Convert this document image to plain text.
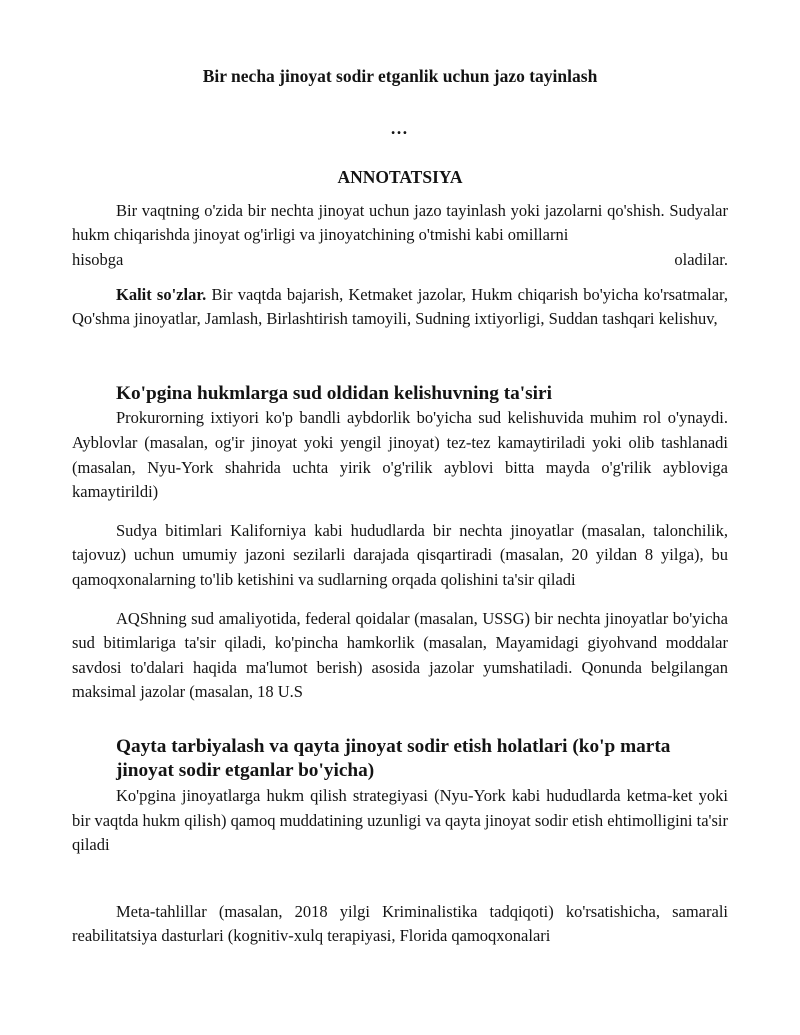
Bir necha jinoyat sodir etganlik uchun jazo tayinlash
…
ANNOTATSIYA

Bir vaqtning o'zida bir nechta jinoyat uchun jazo tayinlash yoki jazolarni qo'shish. Sudyalar hukm chiqarishda jinoyat og'irligi va jinoyatchining o'tmishi kabi omillarni

hisobga	oladilar.

Kalit so'zlar. Bir vaqtda bajarish, Ketmaket jazolar, Hukm chiqarish bo'yicha ko'rsatmalar, Qo'shma jinoyatlar, Jamlash, Birlashtirish tamoyili, Sudning ixtiyorligi, Suddan tashqari kelishuv,

Ko'pgina hukmlarga sud oldidan kelishuvning ta'siri

Prokurorning ixtiyori ko'p bandli aybdorlik bo'yicha sud kelishuvida muhim rol o'ynaydi. Ayblovlar (masalan, og'ir jinoyat yoki yengil jinoyat) tez-tez kamaytiriladi yoki olib tashlanadi (masalan, Nyu-York shahrida uchta yirik o'g'rilik ayblovi bitta mayda o'g'rilik aybloviga kamaytirildi)

Sudya bitimlari Kaliforniya kabi hududlarda bir nechta jinoyatlar (masalan, talonchilik, tajovuz) uchun umumiy jazoni sezilarli darajada qisqartiradi (masalan, 20 yildan 8 yilga), bu qamoqxonalarning to'lib ketishini va sudlarning orqada qolishini ta'sir qiladi

AQShning sud amaliyotida, federal qoidalar (masalan, USSG) bir nechta jinoyatlar bo'yicha sud bitimlariga ta'sir qiladi, ko'pincha hamkorlik (masalan, Mayamidagi giyohvand moddalar savdosi to'dalari haqida ma'lumot berish) asosida jazolar yumshatiladi. Qonunda belgilangan maksimal jazolar (masalan, 18 U.S

Qayta tarbiyalash va qayta jinoyat sodir etish holatlari (ko'p marta jinoyat sodir etganlar bo'yicha)

Ko'pgina jinoyatlarga hukm qilish strategiyasi (Nyu-York kabi hududlarda ketma-ket yoki bir vaqtda hukm qilish) qamoq muddatining uzunligi va qayta jinoyat sodir etish ehtimolligini ta'sir qiladi

Meta-tahlillar (masalan, 2018 yilgi Kriminalistika tadqiqoti) ko'rsatishicha, samarali reabilitatsiya dasturlari (kognitiv-xulq terapiyasi, Florida qamoqxonalari
